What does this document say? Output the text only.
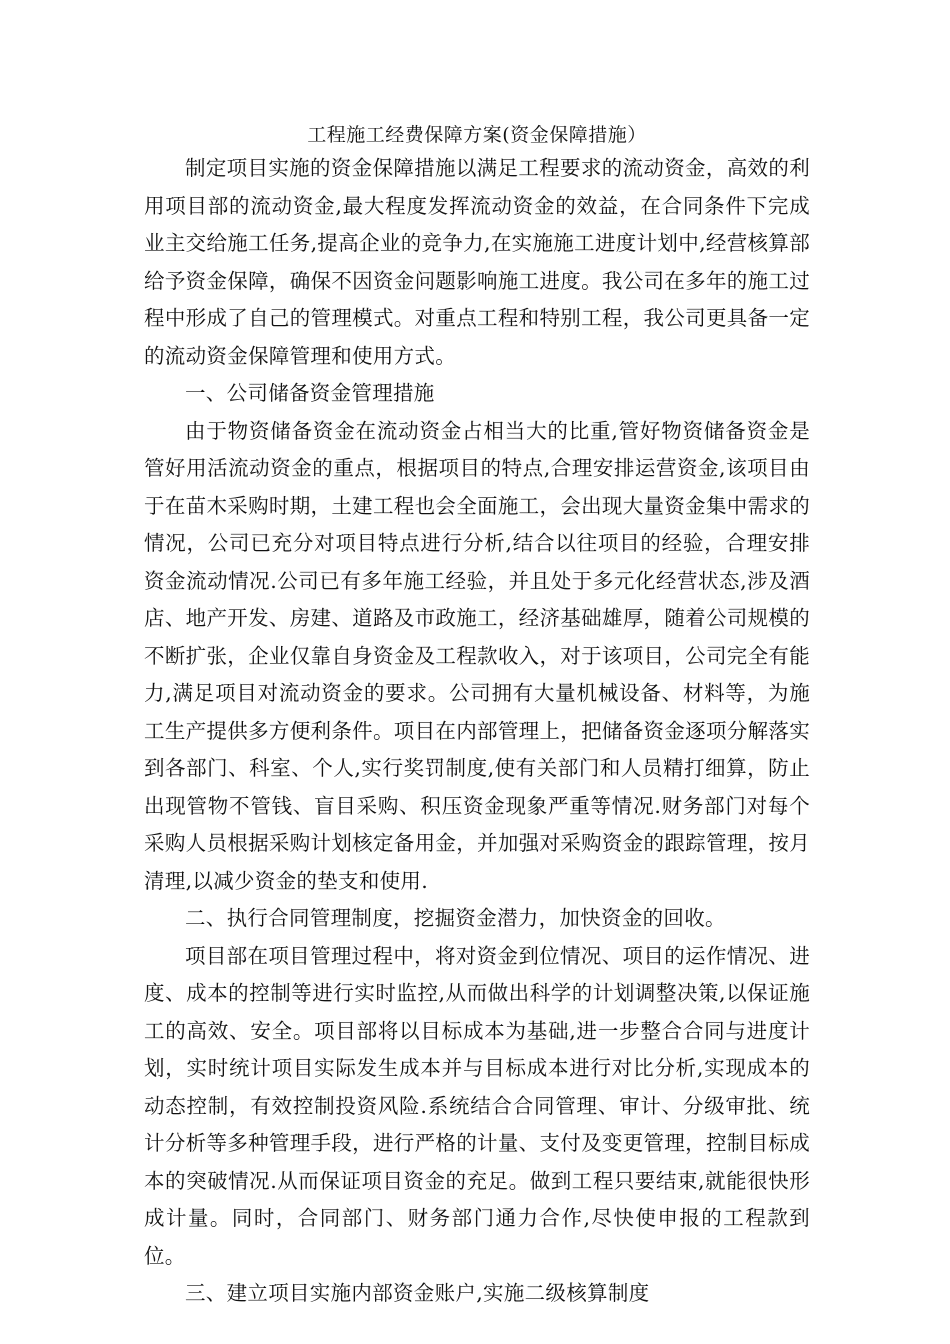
工程施工经费保障方案(资金保障措施）

制定项目实施的资金保障措施以满足工程要求的流动资金，高效的利用项目部的流动资金,最大程度发挥流动资金的效益，在合同条件下完成业主交给施工任务,提高企业的竞争力,在实施施工进度计划中,经营核算部给予资金保障，确保不因资金问题影响施工进度。我公司在多年的施工过程中形成了自己的管理模式。对重点工程和特别工程，我公司更具备一定的流动资金保障管理和使用方式。

一、公司储备资金管理措施

由于物资储备资金在流动资金占相当大的比重,管好物资储备资金是管好用活流动资金的重点，根据项目的特点,合理安排运营资金,该项目由于在苗木采购时期，土建工程也会全面施工，会出现大量资金集中需求的情况，公司已充分对项目特点进行分析,结合以往项目的经验，合理安排资金流动情况.公司已有多年施工经验，并且处于多元化经营状态,涉及酒店、地产开发、房建、道路及市政施工，经济基础雄厚，随着公司规模的不断扩张，企业仅靠自身资金及工程款收入，对于该项目，公司完全有能力,满足项目对流动资金的要求。公司拥有大量机械设备、材料等，为施工生产提供多方便利条件。项目在内部管理上，把储备资金逐项分解落实到各部门、科室、个人,实行奖罚制度,使有关部门和人员精打细算，防止出现管物不管钱、盲目采购、积压资金现象严重等情况.财务部门对每个采购人员根据采购计划核定备用金，并加强对采购资金的跟踪管理，按月清理,以减少资金的垫支和使用.

二、执行合同管理制度，挖掘资金潜力，加快资金的回收。

项目部在项目管理过程中，将对资金到位情况、项目的运作情况、进度、成本的控制等进行实时监控,从而做出科学的计划调整决策,以保证施工的高效、安全。项目部将以目标成本为基础,进一步整合合同与进度计划，实时统计项目实际发生成本并与目标成本进行对比分析,实现成本的动态控制，有效控制投资风险.系统结合合同管理、审计、分级审批、统计分析等多种管理手段，进行严格的计量、支付及变更管理，控制目标成本的突破情况.从而保证项目资金的充足。做到工程只要结束,就能很快形成计量。同时，合同部门、财务部门通力合作,尽快使申报的工程款到位。

三、建立项目实施内部资金账户,实施二级核算制度
